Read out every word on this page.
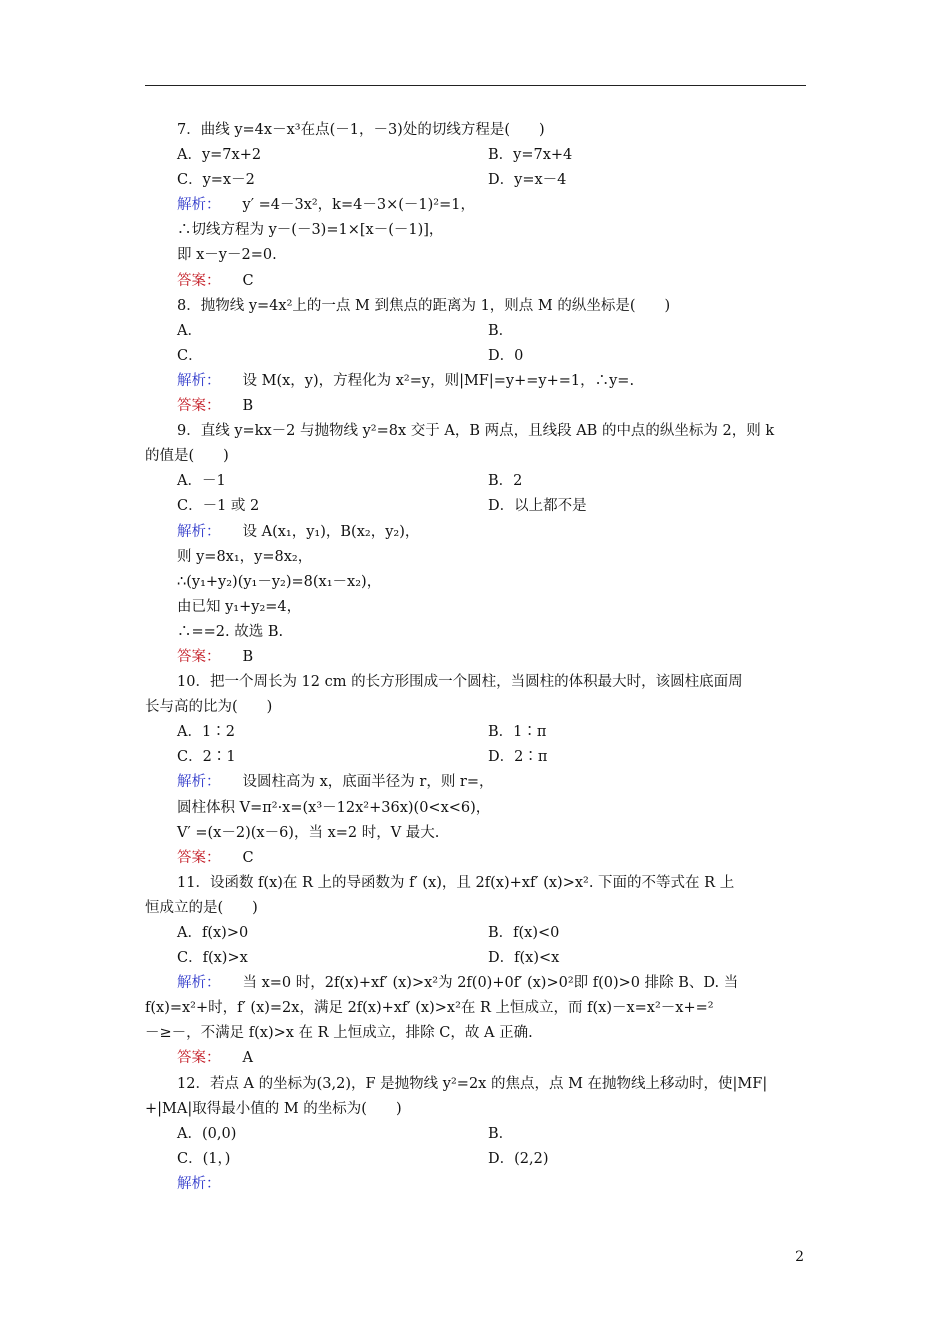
7．曲线 y=4x－x³在点(－1，－3)处的切线方程是(　　)
A．y=7x+2	B．y=7x+4
C．y=x－2	D．y=x－4
解析： y′ =4－3x²，k=4－3×(－1)²=1，
∴切线方程为 y－(－3)=1×[x－(－1)]，
即 x－y－2=0.
答案： C
8．抛物线 y=4x²上的一点 M 到焦点的距离为 1，则点 M 的纵坐标是(　　)
A．	B．
C．	D．0
解析： 设 M(x，y)，方程化为 x²=y，则|MF|=y+=y+=1，∴y=.
答案： B
9．直线 y=kx－2 与抛物线 y²=8x 交于 A，B 两点，且线段 AB 的中点的纵坐标为 2，则 k
的值是(　　)
A．－1	B．2
C．－1 或 2	D．以上都不是
解析： 设 A(x₁，y₁)，B(x₂，y₂)，
则 y=8x₁，y=8x₂，
∴(y₁+y₂)(y₁－y₂)=8(x₁－x₂)，
由已知 y₁+y₂=4，
∴==2. 故选 B.
答案： B
10．把一个周长为 12 cm 的长方形围成一个圆柱，当圆柱的体积最大时，该圆柱底面周
长与高的比为(　　)
A．1∶2	B．1∶π
C．2∶1	D．2∶π
解析： 设圆柱高为 x，底面半径为 r，则 r=，
圆柱体积 V=π²·x=(x³－12x²+36x)(0<x<6)，
V′ =(x－2)(x－6)，当 x=2 时，V 最大.
答案： C
11．设函数 f(x)在 R 上的导函数为 f′ (x)，且 2f(x)+xf′ (x)>x². 下面的不等式在 R 上
恒成立的是(　　)
A．f(x)>0	B．f(x)<0
C．f(x)>x	D．f(x)<x
解析： 当 x=0 时，2f(x)+xf′ (x)>x²为 2f(0)+0f′ (x)>0²即 f(0)>0 排除 B、D. 当
f(x)=x²+时，f′ (x)=2x，满足 2f(x)+xf′ (x)>x²在 R 上恒成立，而 f(x)－x=x²－x+=²
－≥－，不满足 f(x)>x 在 R 上恒成立，排除 C，故 A 正确.
答案： A
12．若点 A 的坐标为(3,2)，F 是抛物线 y²=2x 的焦点，点 M 在抛物线上移动时，使|MF|
+|MA|取得最小值的 M 的坐标为(　　)
A．(0,0)	B．
C．(1，)	D．(2,2)
解析：
2
